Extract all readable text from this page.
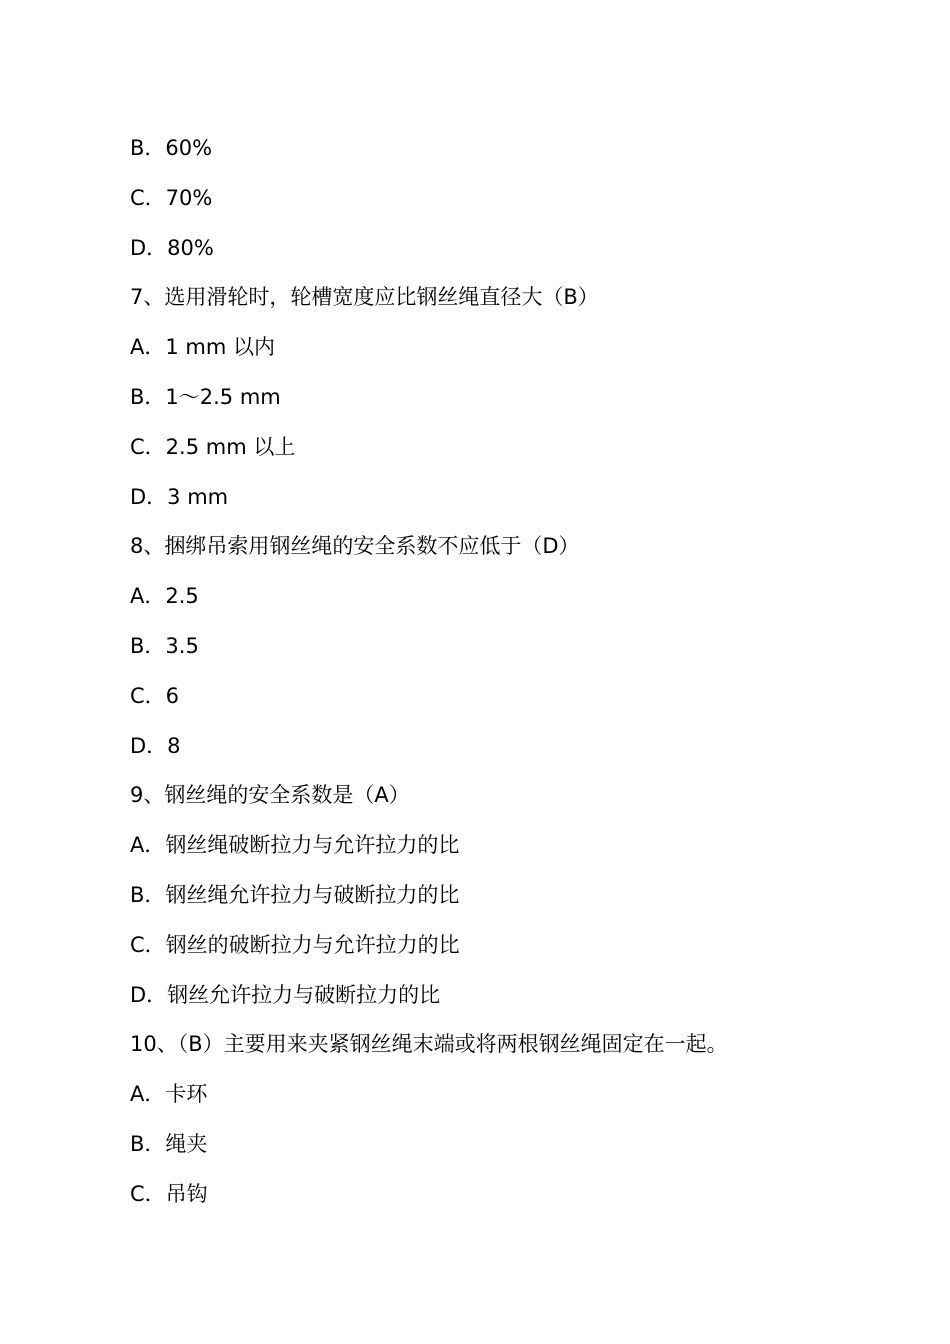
B．60%
C．70%
D．80%
7、选用滑轮时，轮槽宽度应比钢丝绳直径大（B）
A．1 mm 以内
B．1～2.5 mm
C．2.5 mm 以上
D．3 mm
8、捆绑吊索用钢丝绳的安全系数不应低于（D）
A．2.5
B．3.5
C．6
D．8
9、钢丝绳的安全系数是（A）
A．钢丝绳破断拉力与允许拉力的比
B．钢丝绳允许拉力与破断拉力的比
C．钢丝的破断拉力与允许拉力的比
D．钢丝允许拉力与破断拉力的比
10、（B）主要用来夹紧钢丝绳末端或将两根钢丝绳固定在一起。
A．卡环
B．绳夹
C．吊钩
